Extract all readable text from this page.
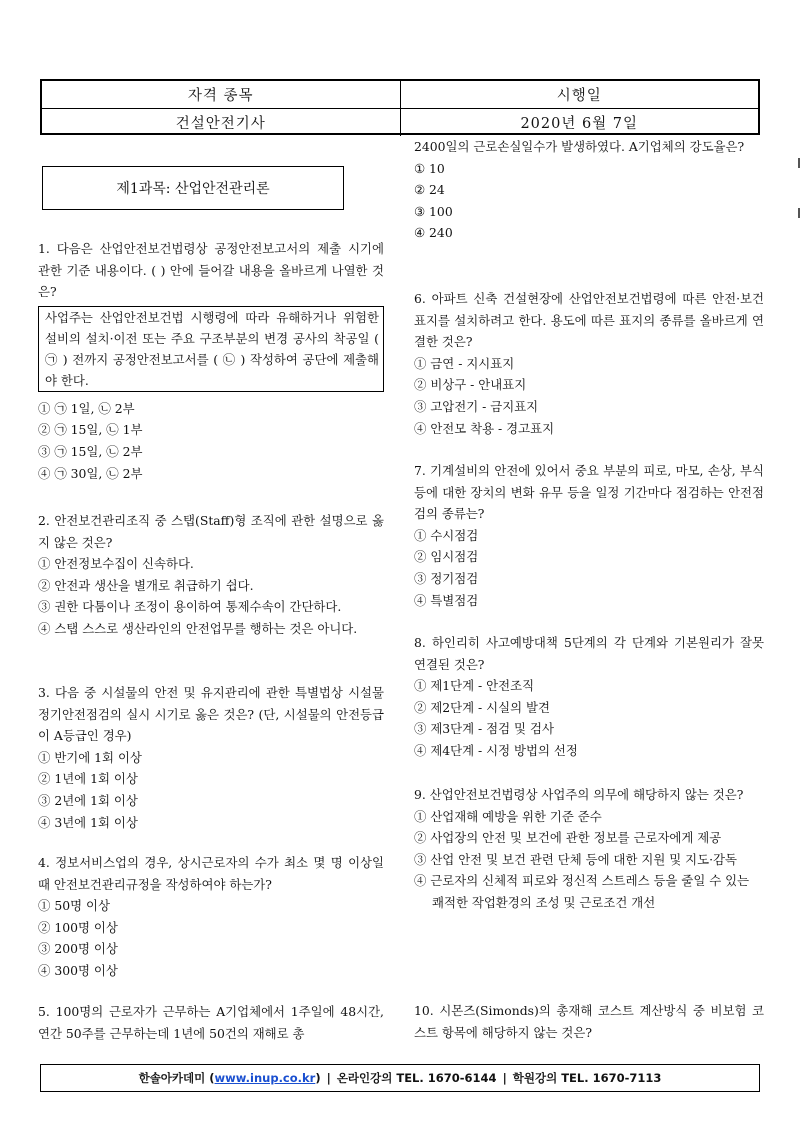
자격 종목	시행일
건설안전기사	2020년 6월 7일
제1과목: 산업안전관리론

1. 다음은 산업안전보건법령상 공정안전보고서의 제출 시기에 관한 기준 내용이다. ( ) 안에 들어갈 내용을 올바르게 나열한 것은?

사업주는 산업안전보건법 시행령에 따라 유해하거나 위험한 설비의 설치·이전 또는 주요 구조부분의 변경 공사의 착공일 ( ㉠ ) 전까지 공정안전보고서를 ( ㉡ ) 작성하여 공단에 제출해야 한다.

① ㉠ 1일, ㉡ 2부

② ㉠ 15일, ㉡ 1부

③ ㉠ 15일, ㉡ 2부

④ ㉠ 30일, ㉡ 2부

2. 안전보건관리조직 중 스탭(Staff)형 조직에 관한 설명으로 옳지 않은 것은?

① 안전정보수집이 신속하다.

② 안전과 생산을 별개로 취급하기 쉽다.

③ 권한 다툼이나 조정이 용이하여 통제수속이 간단하다.

④ 스탭 스스로 생산라인의 안전업무를 행하는 것은 아니다.

3. 다음 중 시설물의 안전 및 유지관리에 관한 특별법상 시설물 정기안전점검의 실시 시기로 옳은 것은? (단, 시설물의 안전등급이 A등급인 경우)

① 반기에 1회 이상

② 1년에 1회 이상

③ 2년에 1회 이상

④ 3년에 1회 이상

4. 정보서비스업의 경우, 상시근로자의 수가 최소 몇 명 이상일 때 안전보건관리규정을 작성하여야 하는가?

① 50명 이상

② 100명 이상

③ 200명 이상

④ 300명 이상

5. 100명의 근로자가 근무하는 A기업체에서 1주일에 48시간, 연간 50주를 근무하는데 1년에 50건의 재해로 총

2400일의 근로손실일수가 발생하였다. A기업체의 강도율은?

① 10

② 24

③ 100

④ 240

6. 아파트 신축 건설현장에 산업안전보건법령에 따른 안전·보건표지를 설치하려고 한다. 용도에 따른 표지의 종류를 올바르게 연결한 것은?

① 금연 - 지시표지

② 비상구 - 안내표지

③ 고압전기 - 금지표지

④ 안전모 착용 - 경고표지

7. 기계설비의 안전에 있어서 중요 부분의 피로, 마모, 손상, 부식 등에 대한 장치의 변화 유무 등을 일정 기간마다 점검하는 안전점검의 종류는?

① 수시점검

② 임시점검

③ 정기점검

④ 특별점검

8. 하인리히 사고예방대책 5단계의 각 단계와 기본원리가 잘못 연결된 것은?

① 제1단계 - 안전조직

② 제2단계 - 시실의 발견

③ 제3단계 - 점검 및 검사

④ 제4단계 - 시정 방법의 선정

9. 산업안전보건법령상 사업주의 의무에 해당하지 않는 것은?

① 산업재해 예방을 위한 기준 준수

② 사업장의 안전 및 보건에 관한 정보를 근로자에게 제공

③ 산업 안전 및 보건 관련 단체 등에 대한 지원 및 지도·감독

④ 근로자의 신체적 피로와 정신적 스트레스 등을 줄일 수 있는 쾌적한 작업환경의 조성 및 근로조건 개선

10. 시몬즈(Simonds)의 총재해 코스트 계산방식 중 비보험 코스트 항목에 해당하지 않는 것은?

한솔아카데미 (www.inup.co.kr) | 온라인강의 TEL. 1670-6144 | 학원강의 TEL. 1670-7113
